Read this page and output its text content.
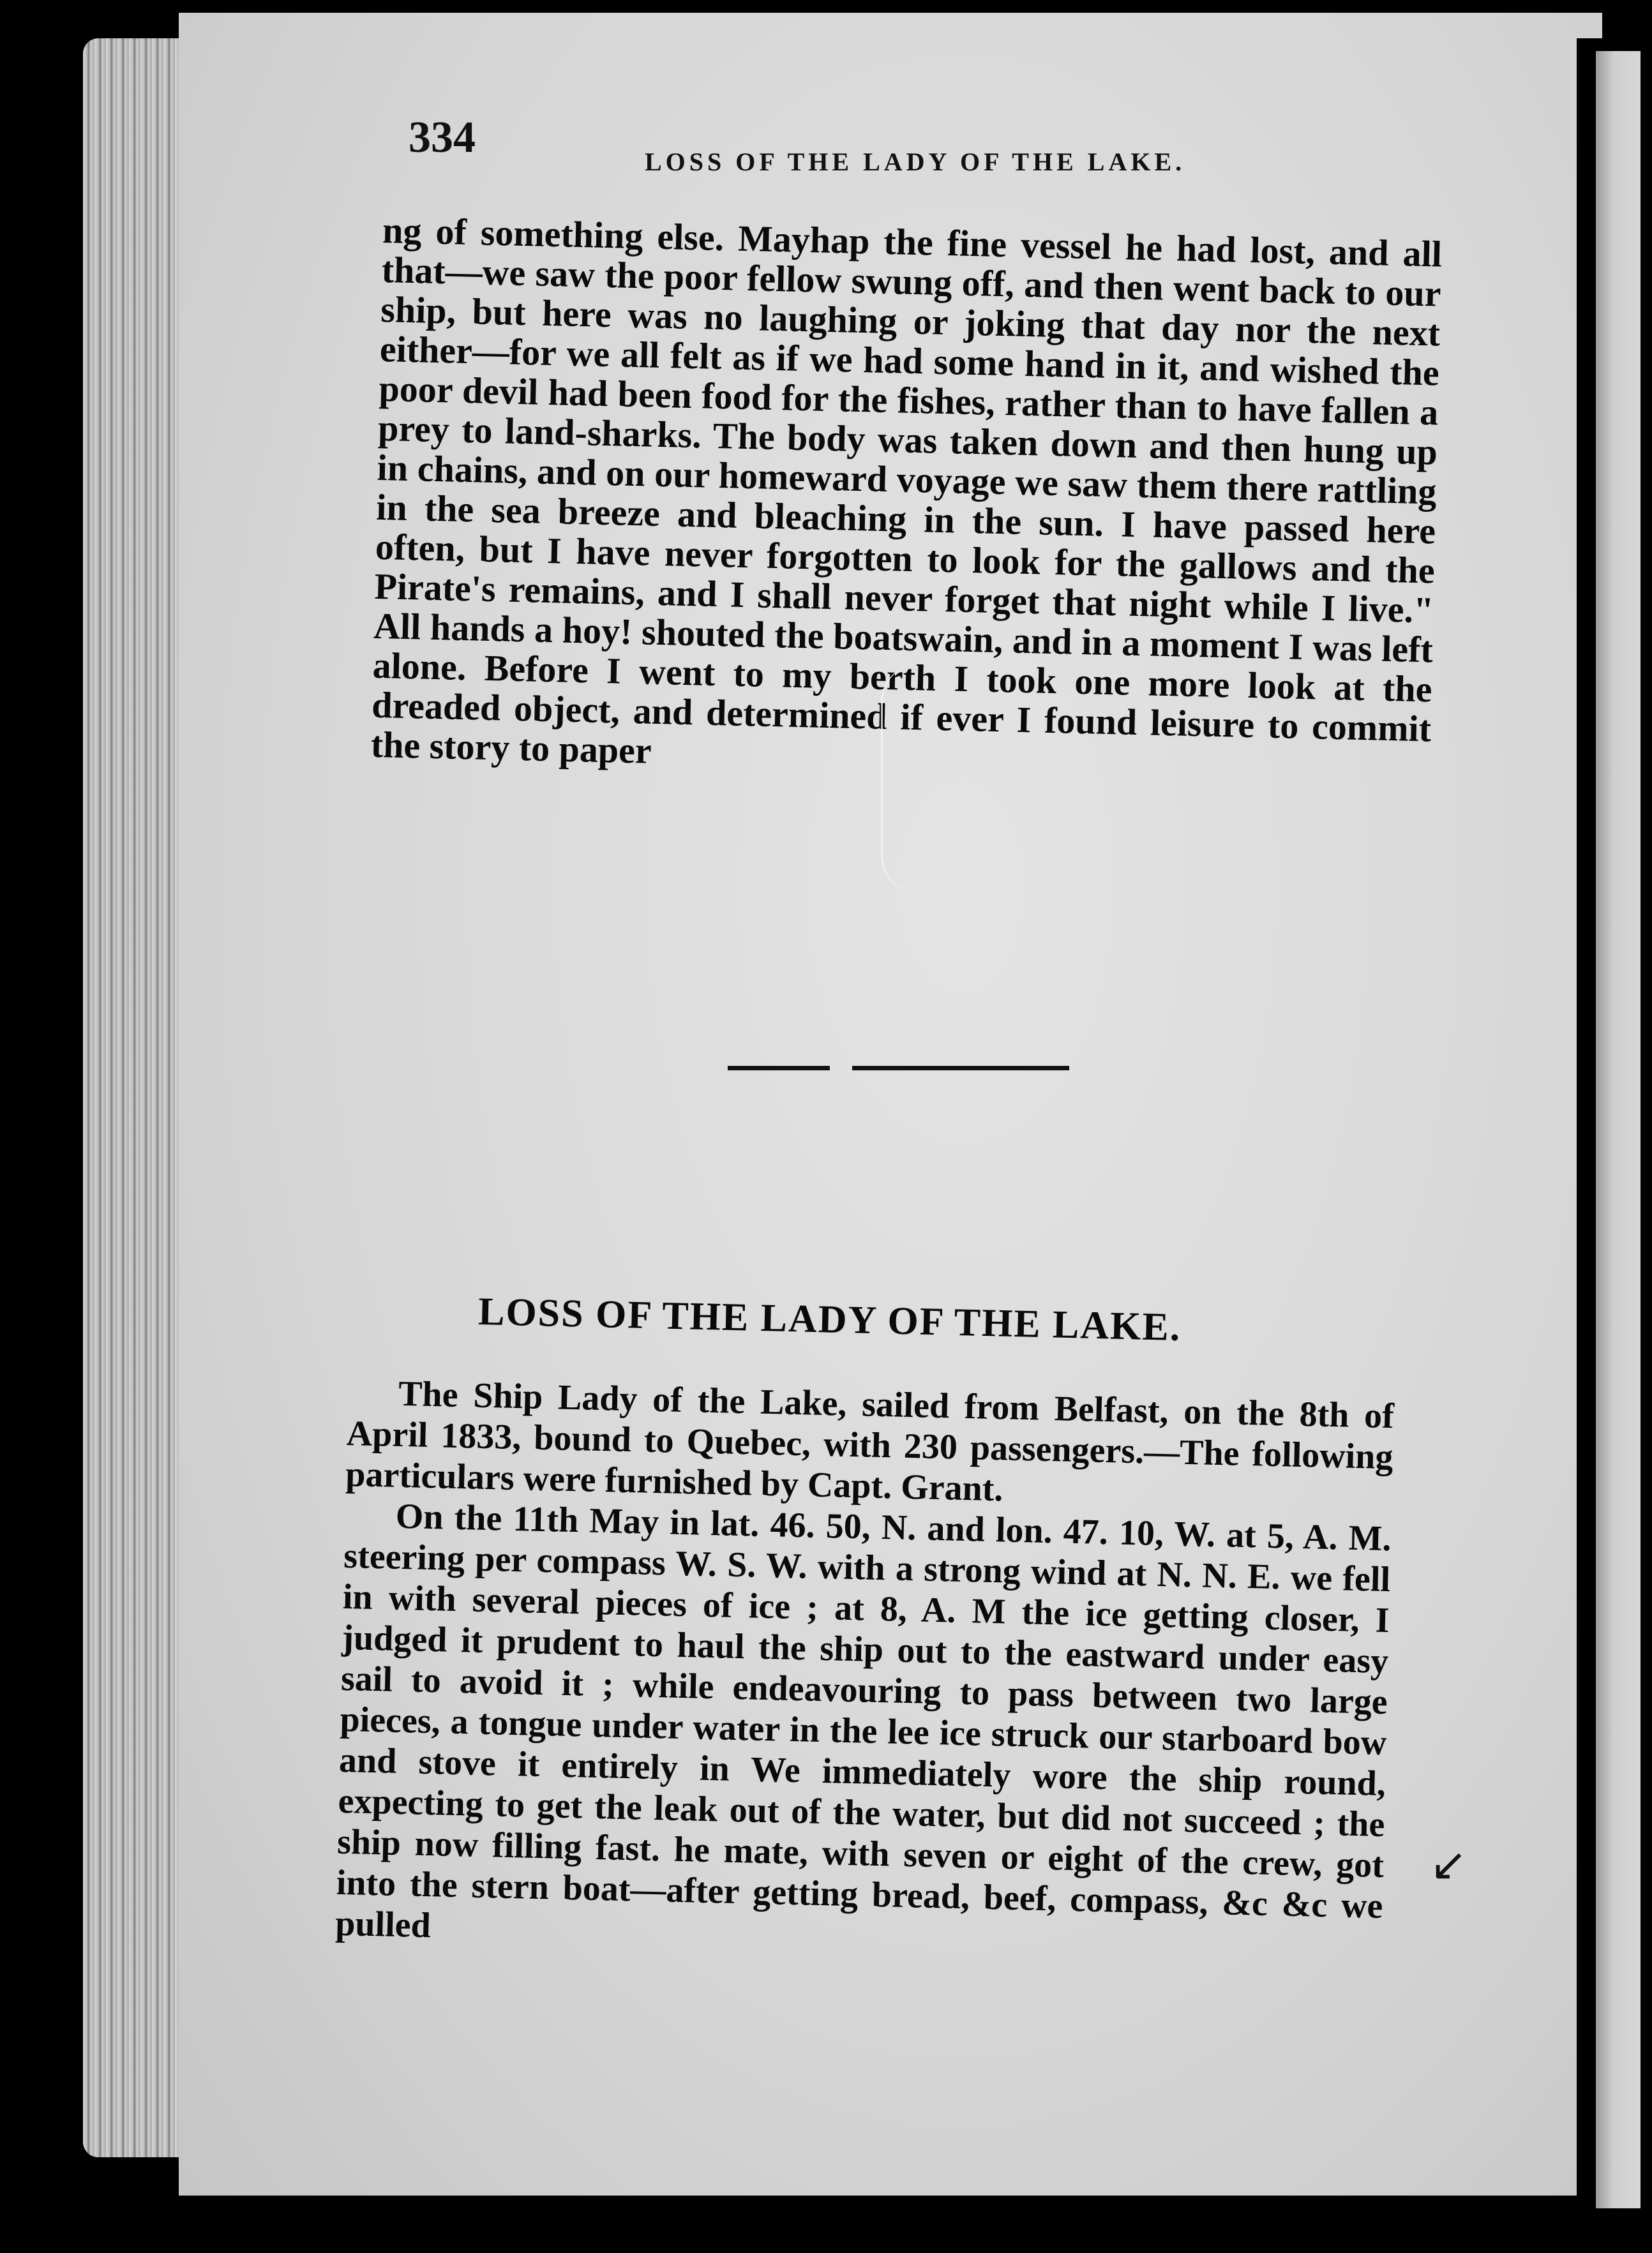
334	LOSS OF THE LADY OF THE LAKE.

ng of something else. Mayhap the fine vessel he had lost, and all that—we saw the poor fellow swung off, and then went back to our ship, but here was no laughing or joking that day nor the next either—for we all felt as if we had some hand in it, and wished the poor devil had been food for the fishes, rather than to have fallen a prey to land-sharks. The body was taken down and then hung up in chains, and on our homeward voyage we saw them there rattling in the sea breeze and bleaching in the sun. I have passed here often, but I have never forgotten to look for the gallows and the Pirate's remains, and I shall never forget that night while I live." All hands a hoy! shouted the boatswain, and in a moment I was left alone. Before I went to my berth I took one more look at the dreaded object, and determined if ever I found leisure to commit the story to paper

LOSS OF THE LADY OF THE LAKE.

The Ship Lady of the Lake, sailed from Belfast, on the 8th of April 1833, bound to Quebec, with 230 passengers.—The following particulars were furnished by Capt. Grant.

On the 11th May in lat. 46. 50, N. and lon. 47. 10, W. at 5, A. M. steering per compass W. S. W. with a strong wind at N. N. E. we fell in with several pieces of ice ; at 8, A. M the ice getting closer, I judged it prudent to haul the ship out to the eastward under easy sail to avoid it ; while endeavouring to pass between two large pieces, a tongue under water in the lee ice struck our starboard bow and stove it entirely in We immediately wore the ship round, expecting to get the leak out of the water, but did not succeed ; the ship now filling fast. he mate, with seven or eight of the crew, got into the stern boat—after getting bread, beef, compass, &c &c we pulled

↙
